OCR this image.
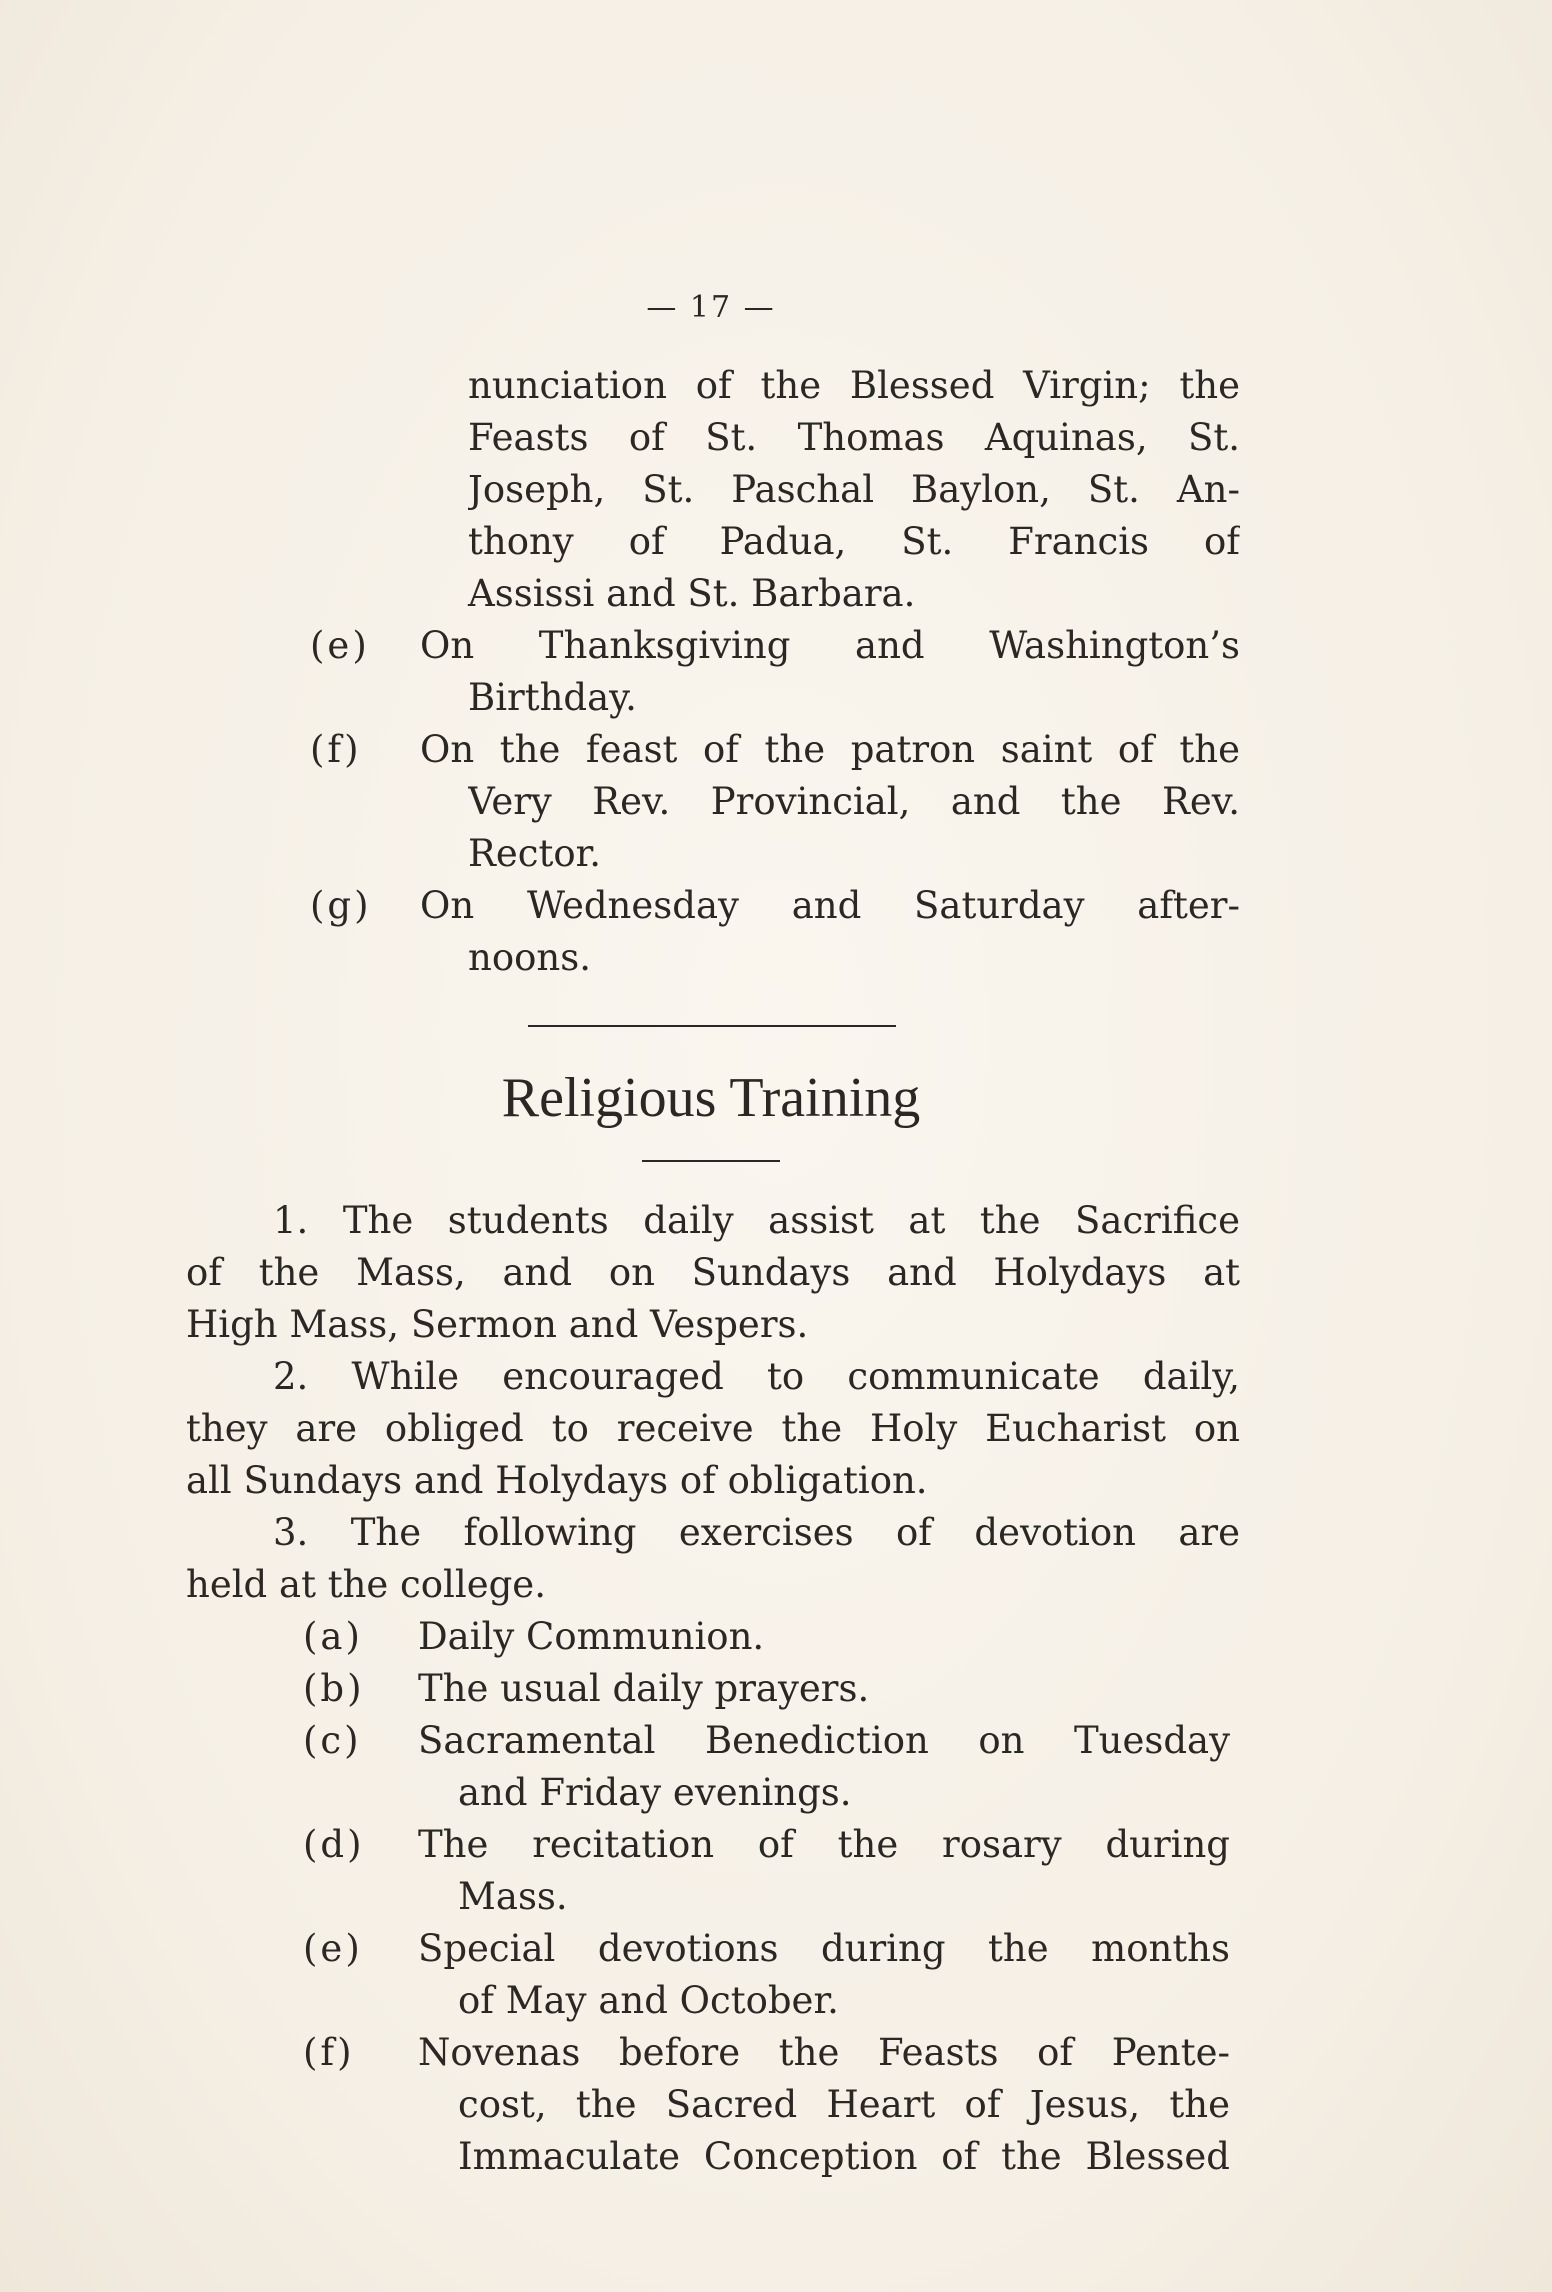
— 17 —
nunciation of the Blessed Virgin; the
Feasts of St. Thomas Aquinas, St.
Joseph, St. Paschal Baylon, St. An-
thony of Padua, St. Francis of
Assissi and St. Barbara.
(e) On Thanksgiving and Washington’s
Birthday.
(f) On the feast of the patron saint of the
Very Rev. Provincial, and the Rev.
Rector.
(g) On Wednesday and Saturday after-
noons.
Religious Training
1. The students daily assist at the Sacrifice
of the Mass, and on Sundays and Holydays at
High Mass, Sermon and Vespers.
2. While encouraged to communicate daily,
they are obliged to receive the Holy Eucharist on
all Sundays and Holydays of obligation.
3. The following exercises of devotion are
held at the college.
(a) Daily Communion.
(b) The usual daily prayers.
(c) Sacramental Benediction on Tuesday
and Friday evenings.
(d) The recitation of the rosary during
Mass.
(e) Special devotions during the months
of May and October.
(f) Novenas before the Feasts of Pente-
cost, the Sacred Heart of Jesus, the
Immaculate Conception of the Blessed
